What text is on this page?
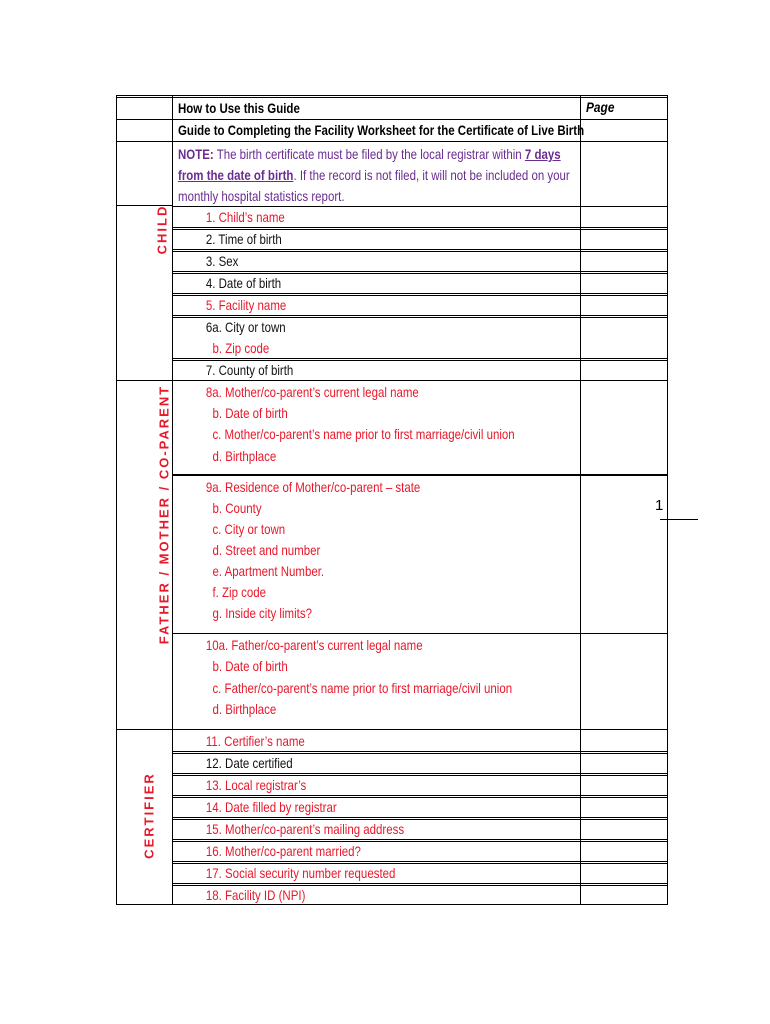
How to Use this Guide	Page
Guide to Completing the Facility Worksheet for the Certificate of Live Birth
NOTE: The birth certificate must be filed by the local registrar within 7 days from the date of birth. If the record is not filed, it will not be included on your monthly hospital statistics report.
CHILD
FATHER / MOTHER / CO-PARENT
CERTIFIER
1. Child’s name
2. Time of birth
3. Sex
4. Date of birth
5. Facility name
6a. City or town
b. Zip code
7. County of birth
8a. Mother/co-parent’s current legal name
b. Date of birth
c. Mother/co-parent’s name prior to first marriage/civil union
d. Birthplace
9a. Residence of Mother/co-parent – state
b. County
c. City or town
d. Street and number
e. Apartment Number.
f. Zip code
g. Inside city limits?
10a. Father/co-parent’s current legal name
b. Date of birth
c. Father/co-parent’s name prior to first marriage/civil union
d. Birthplace
11. Certifier’s name
12. Date certified
13. Local registrar’s
14. Date filled by registrar
15. Mother/co-parent’s mailing address
16. Mother/co-parent married?
17. Social security number requested
18. Facility ID (NPI)
1
